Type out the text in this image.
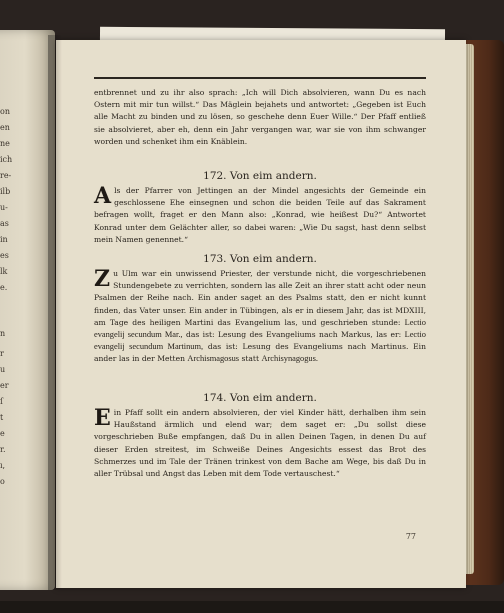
on
en
ne
ich
re-
ilb
u-
as
in
es
lk
e.
n
r
u
er
ſ
t
e
r.
ı,
o

entbrennet und zu ihr also sprach: „Ich will Dich absolvieren, wann Du es nach Ostern mit mir tun willst.“ Das Mäglein bejahets und antwortet: „Gegeben ist Euch alle Macht zu binden und zu lösen, so geschehe denn Euer Wille.“ Der Pfaff entließ sie absolvieret, aber eh, denn ein Jahr vergangen war, war sie von ihm schwanger worden und schenket ihm ein Knäblein.

172. Von eim andern.

Als der Pfarrer von Jettingen an der Mindel angesichts der Gemeinde ein geschlossene Ehe einsegnen und schon die beiden Teile auf das Sakrament befragen wollt, fraget er den Mann also: „Konrad, wie heißest Du?“ Antwortet Konrad unter dem Gelächter aller, so dabei waren: „Wie Du sagst, hast denn selbst mein Namen genennet.“

173. Von eim andern.

Zu Ulm war ein unwissend Priester, der verstunde nicht, die vorgeschriebenen Stundengebete zu verrichten, sondern las alle Zeit an ihrer statt acht oder neun Psalmen der Reihe nach. Ein ander saget an des Psalms statt, den er nicht kunnt finden, das Vater unser. Ein ander in Tübingen, als er in diesem Jahr, das ist MDXIII, am Tage des heiligen Martini das Evangelium las, und geschrieben stunde: Lectio evangelij secundum Mar., das ist: Lesung des Evangeliums nach Markus, las er: Lectio evangelij secundum Martinum, das ist: Lesung des Evangeliums nach Martinus. Ein ander las in der Metten Archismagosus statt Archisynagogus.

174. Von eim andern.

Ein Pfaff sollt ein andern absolvieren, der viel Kinder hätt, derhalben ihm sein Haußstand ärmlich und elend war; dem saget er: „Du sollst diese vorgeschrieben Buße empfangen, daß Du in allen Deinen Tagen, in denen Du auf dieser Erden streitest, im Schweiße Deines Angesichts essest das Brot des Schmerzes und im Tale der Tränen trinkest von dem Bache am Wege, bis daß Du in aller Trübsal und Angst das Leben mit dem Tode vertauschest.“

77
